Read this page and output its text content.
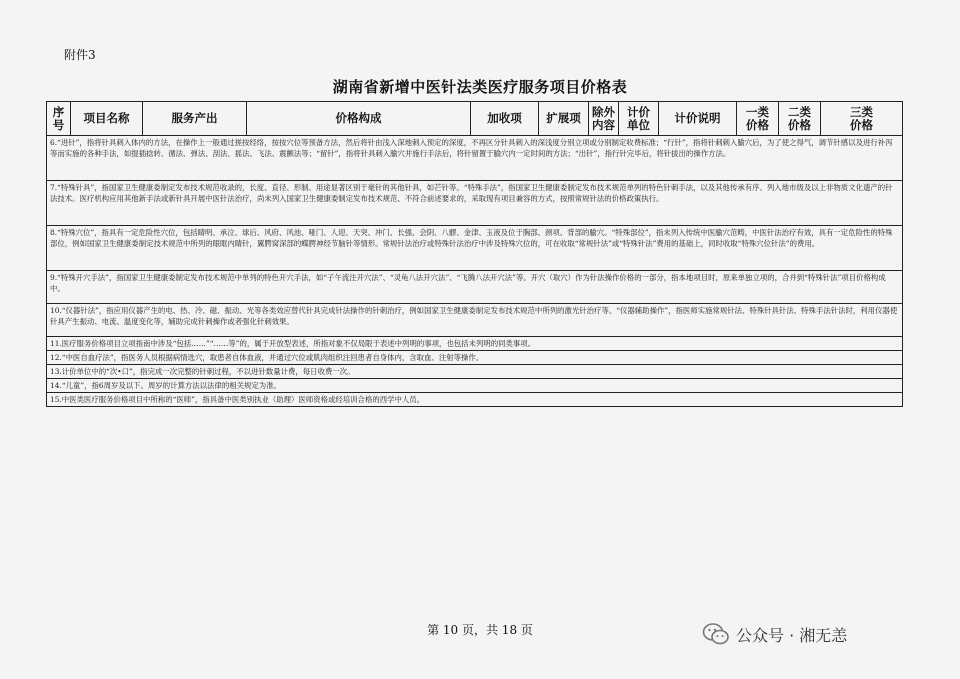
附件3
湖南省新增中医针法类医疗服务项目价格表
序号	项目名称	服务产出	价格构成	加收项	扩展项	除外内容	计价单位	计价说明	一类价格	二类价格	三类价格
6.“进针”，指将针具刺入体内的方法，在操作上一般通过搓按经络，按按穴位等预备方法，然后将针由浅入深地刺入预定的深度，不再区分针具刺入的深浅度分别立项或分别制定收费标准；“行针”，指将针刺刺入腧穴后，为了使之得气，调节针感以及进行补泻等而实施的各种手法，如提插捻转、循法、弹法、刮法、摇法、飞法、震颤法等；“留针”，指将针具刺入腧穴并施行手法后，将针留置于腧穴内一定时间的方法；“出针”，指行针完毕后，将针拔出的操作方法。
7.“特殊针具”，指国家卫生健康委制定发布技术规范收录的，长度、直径、形制、用途显著区别于毫针的其他针具，如芒针等。“特殊手法”，指国家卫生健康委制定发布技术规范单列的特色针刺手法，以及其他传承有序、列入地市级及以上非物质文化遗产的针法技术。医疗机构应用其他新手法或新针具开展中医针法治疗，尚未列入国家卫生健康委制定发布技术规范、不符合前述要求的，采取现有项目兼容的方式，按照常规针法的价格政策执行。
8.“特殊穴位”，指具有一定危险性穴位，包括睛明、承泣、球后、风府、风池、哑门、人迎、天突、冲门、长强、会阴、八髎、金津、玉液及位于胸部、颈项、背部的腧穴。“特殊部位”，指未列入传统中医腧穴范畴，中医针法治疗有效，具有一定危险性的特殊部位，例如国家卫生健康委制定技术规范中所列的眼眶内睛针，翼腭窝深部的蝶腭神经节脑针等情形。常规针法治疗或特殊针法治疗中涉及特殊穴位的，可在收取“常规针法”或“特殊针法”费用的基础上，同时收取“特殊穴位针法”的费用。
9.“特殊开穴手法”，指国家卫生健康委制定发布技术规范中单列的特色开穴手法，如“子午流注开穴法”、“灵龟八法开穴法”、“飞腾八法开穴法”等。开穴（取穴）作为针法操作价格的一部分，指本地项目时，原来单独立项的，合并到“特殊针法”项目价格构成中。
10.“仪器针法”，指应用仪器产生的电、热、冷、磁、振动、光等各类效应替代针具完成针法操作的针刺治疗，例如国家卫生健康委制定发布技术规范中所列的激光针治疗等。“仪器辅助操作”，指医师实施常规针法、特殊针具针法、特殊手法针法时，利用仪器使针具产生振动、电流、温度变化等，辅助完成针刺操作或者强化针刺效果。
11.医疗服务价格项目立项指南中涉及“包括……”“……等”的，属于开放型表述，所指对象不仅局限于表述中列明的事项，也包括未列明的同类事项。
12.“中医自血疗法”，指医务人员根据病情选穴，取患者自体血液，并通过穴位或肌肉组织注回患者自身体内，含取血、注射等操作。
13.计价单位中的“次•口”，指完成一次完整的针刺过程，不以进针数量计费，每日收费一次。
14.“儿童”，指6周岁及以下。周岁的计算方法以法律的相关规定为准。
15.中医类医疗服务价格项目中所称的“医师”，指具备中医类别执业（助理）医师资格或经培训合格的西学中人员。
第 10 页，共 18 页	公众号 · 湘无恙
